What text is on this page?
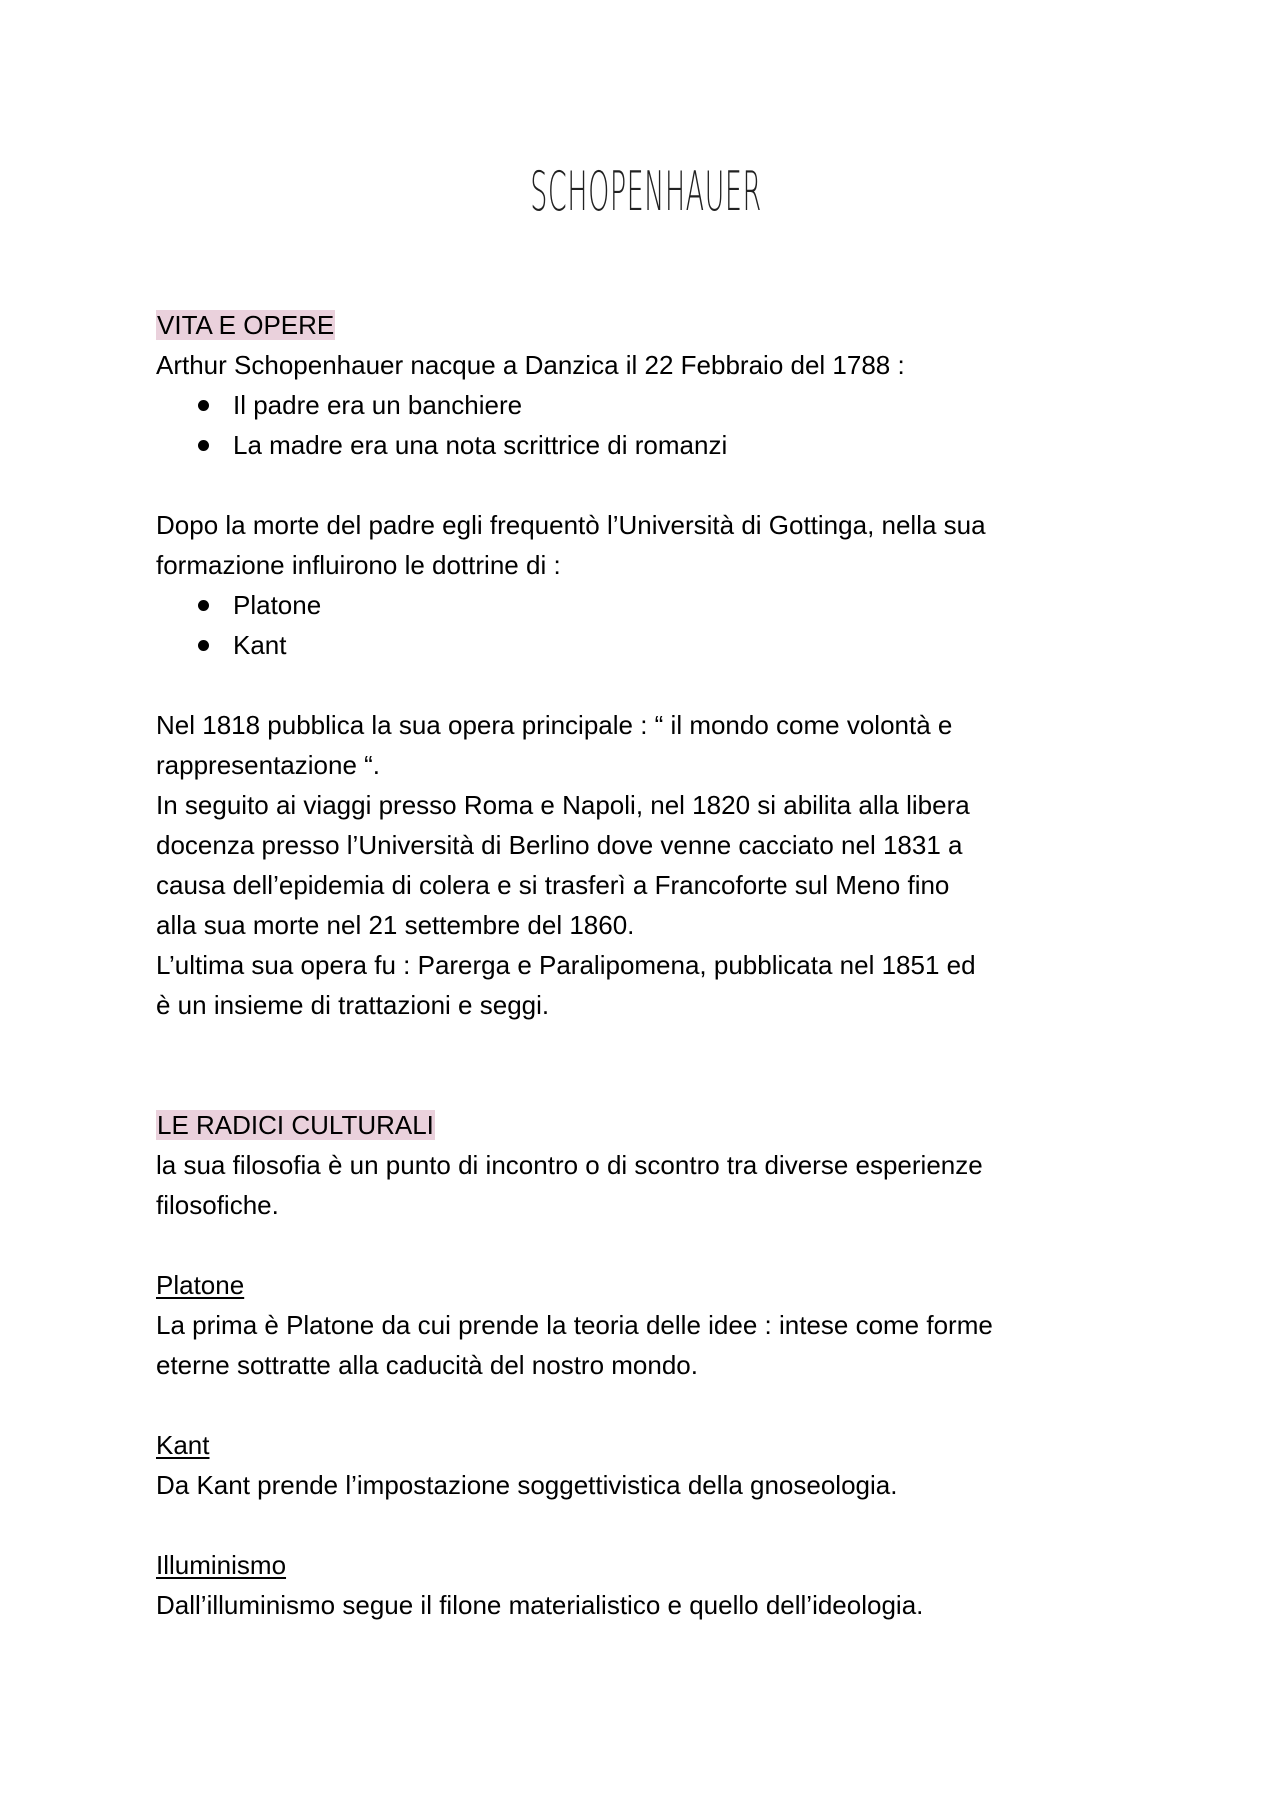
SCHOPENHAUER
VITA E OPERE
Arthur Schopenhauer nacque a Danzica il 22 Febbraio del 1788 :
Il padre era un banchiere
La madre era una nota scrittrice di romanzi
Dopo la morte del padre egli frequentò l’Università di Gottinga, nella sua
formazione influirono le dottrine di :
Platone
Kant
Nel 1818 pubblica la sua opera principale : “ il mondo come volontà e
rappresentazione “.
In seguito ai viaggi presso Roma e Napoli, nel 1820 si abilita alla libera
docenza presso l’Università di Berlino dove venne cacciato nel 1831 a
causa dell’epidemia di colera e si trasferì a Francoforte sul Meno fino
alla sua morte nel 21 settembre del 1860.
L’ultima sua opera fu : Parerga e Paralipomena, pubblicata nel 1851 ed
è un insieme di trattazioni e seggi.
LE RADICI CULTURALI
la sua filosofia è un punto di incontro o di scontro tra diverse esperienze
filosofiche.
Platone
La prima è Platone da cui prende la teoria delle idee : intese come forme
eterne sottratte alla caducità del nostro mondo.
Kant
Da Kant prende l’impostazione soggettivistica della gnoseologia.
Illuminismo
Dall’illuminismo segue il filone materialistico e quello dell’ideologia.
